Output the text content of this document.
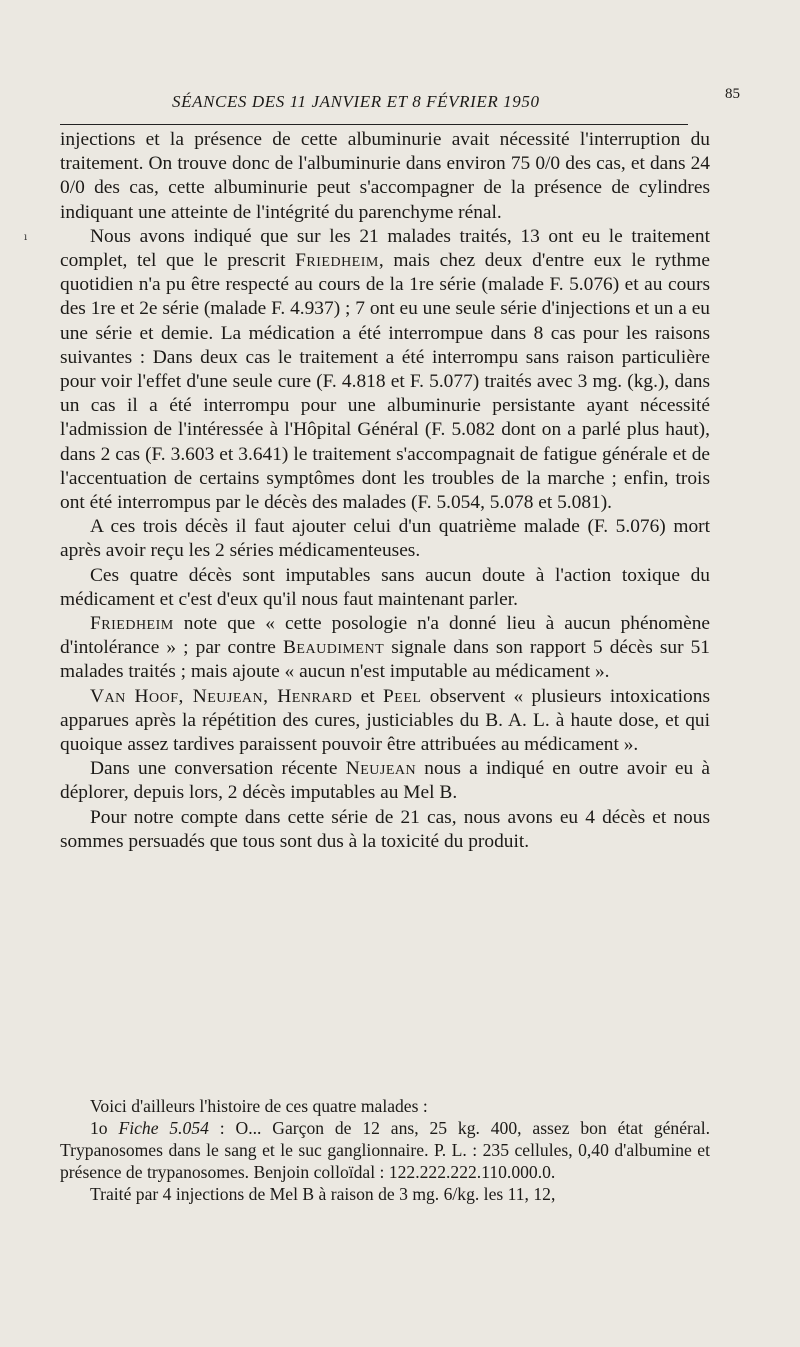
SÉANCES DES 11 JANVIER ET 8 FÉVRIER 1950	85
ı

injections et la présence de cette albuminurie avait nécessité l'interruption du traitement. On trouve donc de l'albuminurie dans environ 75 0/0 des cas, et dans 24 0/0 des cas, cette albuminurie peut s'accompagner de la présence de cylindres indiquant une atteinte de l'intégrité du parenchyme rénal.

Nous avons indiqué que sur les 21 malades traités, 13 ont eu le traitement complet, tel que le prescrit Friedheim, mais chez deux d'entre eux le rythme quotidien n'a pu être respecté au cours de la 1re série (malade F. 5.076) et au cours des 1re et 2e série (malade F. 4.937) ; 7 ont eu une seule série d'injections et un a eu une série et demie. La médication a été interrompue dans 8 cas pour les raisons suivantes : Dans deux cas le traitement a été interrompu sans raison particulière pour voir l'effet d'une seule cure (F. 4.818 et F. 5.077) traités avec 3 mg. (kg.), dans un cas il a été interrompu pour une albuminurie persistante ayant nécessité l'admission de l'intéressée à l'Hôpital Général (F. 5.082 dont on a parlé plus haut), dans 2 cas (F. 3.603 et 3.641) le traitement s'accompagnait de fatigue générale et de l'accentuation de certains symptômes dont les troubles de la marche ; enfin, trois ont été interrompus par le décès des malades (F. 5.054, 5.078 et 5.081).

A ces trois décès il faut ajouter celui d'un quatrième malade (F. 5.076) mort après avoir reçu les 2 séries médicamenteuses.

Ces quatre décès sont imputables sans aucun doute à l'action toxique du médicament et c'est d'eux qu'il nous faut maintenant parler.

Friedheim note que « cette posologie n'a donné lieu à aucun phénomène d'intolérance » ; par contre Beaudiment signale dans son rapport 5 décès sur 51 malades traités ; mais ajoute « aucun n'est imputable au médicament ».

Van Hoof, Neujean, Henrard et Peel observent « plusieurs intoxications apparues après la répétition des cures, justiciables du B. A. L. à haute dose, et qui quoique assez tardives paraissent pouvoir être attribuées au médicament ».

Dans une conversation récente Neujean nous a indiqué en outre avoir eu à déplorer, depuis lors, 2 décès imputables au Mel B.

Pour notre compte dans cette série de 21 cas, nous avons eu 4 décès et nous sommes persuadés que tous sont dus à la toxicité du produit.

Voici d'ailleurs l'histoire de ces quatre malades :

1o Fiche 5.054 : O... Garçon de 12 ans, 25 kg. 400, assez bon état général. Trypanosomes dans le sang et le suc ganglionnaire. P. L. : 235 cellules, 0,40 d'albumine et présence de trypanosomes. Benjoin colloïdal : 122.222.222.110.000.0.

Traité par 4 injections de Mel B à raison de 3 mg. 6/kg. les 11, 12,
